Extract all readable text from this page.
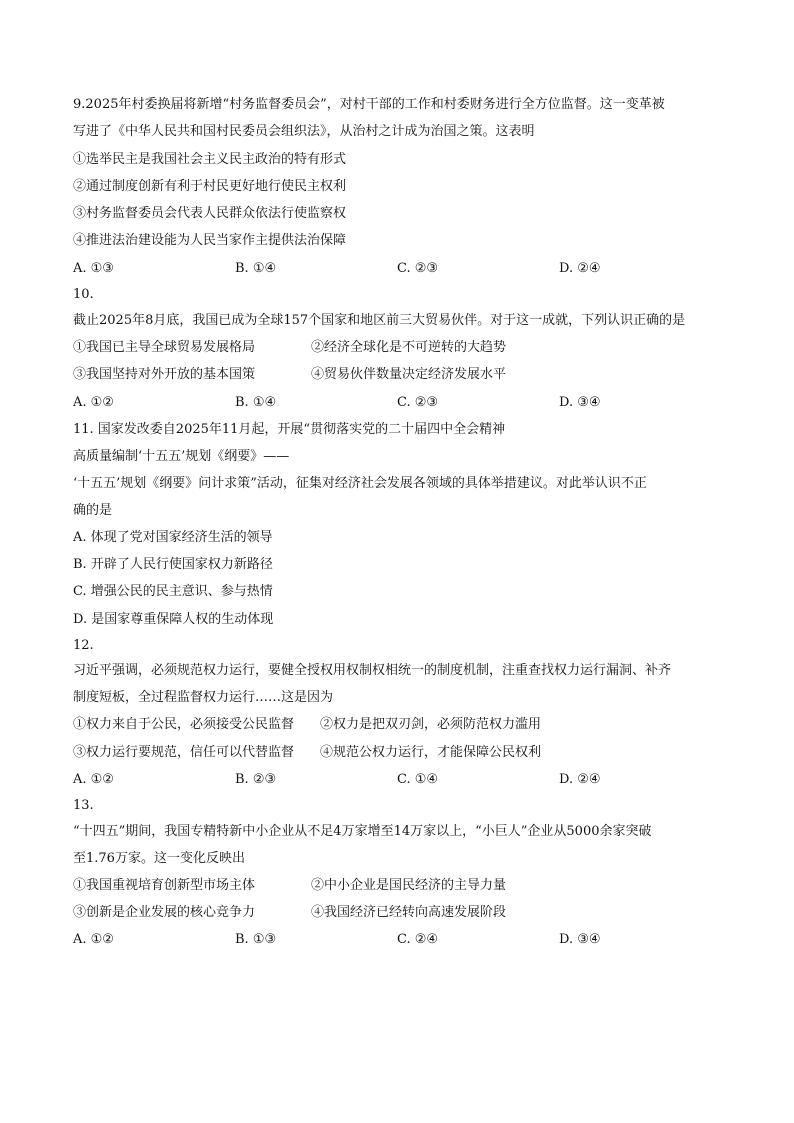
9.2025年村委换届将新增“村务监督委员会”，对村干部的工作和村委财务进行全方位监督。这一变革被
写进了《中华人民共和国村民委员会组织法》，从治村之计成为治国之策。这表明
①选举民主是我国社会主义民主政治的特有形式
②通过制度创新有利于村民更好地行使民主权利
③村务监督委员会代表人民群众依法行使监察权
④推进法治建设能为人民当家作主提供法治保障
A. ①③	B. ①④	C. ②③	D. ②④
10.
截止2025年8月底，我国已成为全球157个国家和地区前三大贸易伙伴。对于这一成就，下列认识正确的是
①我国已主导全球贸易发展格局	②经济全球化是不可逆转的大趋势
③我国坚持对外开放的基本国策	④贸易伙伴数量决定经济发展水平
A. ①②	B. ①④	C. ②③	D. ③④
11. 国家发改委自2025年11月起，开展“贯彻落实党的二十届四中全会精神
高质量编制‘十五五’规划《纲要》——
‘十五五’规划《纲要》问计求策”活动，征集对经济社会发展各领域的具体举措建议。对此举认识不正
确的是
A. 体现了党对国家经济生活的领导
B. 开辟了人民行使国家权力新路径
C. 增强公民的民主意识、参与热情
D. 是国家尊重保障人权的生动体现
12.
习近平强调，必须规范权力运行，要健全授权用权制权相统一的制度机制，注重查找权力运行漏洞、补齐
制度短板，全过程监督权力运行……这是因为
①权力来自于公民，必须接受公民监督 ②权力是把双刃剑，必须防范权力滥用
③权力运行要规范，信任可以代替监督 ④规范公权力运行，才能保障公民权利
A. ①②	B. ②③	C. ①④	D. ②④
13.
“十四五”期间，我国专精特新中小企业从不足4万家增至14万家以上，“小巨人”企业从5000余家突破
至1.76万家。这一变化反映出
①我国重视培育创新型市场主体	②中小企业是国民经济的主导力量
③创新是企业发展的核心竞争力	④我国经济已经转向高速发展阶段
A. ①②	B. ①③	C. ②④	D. ③④
